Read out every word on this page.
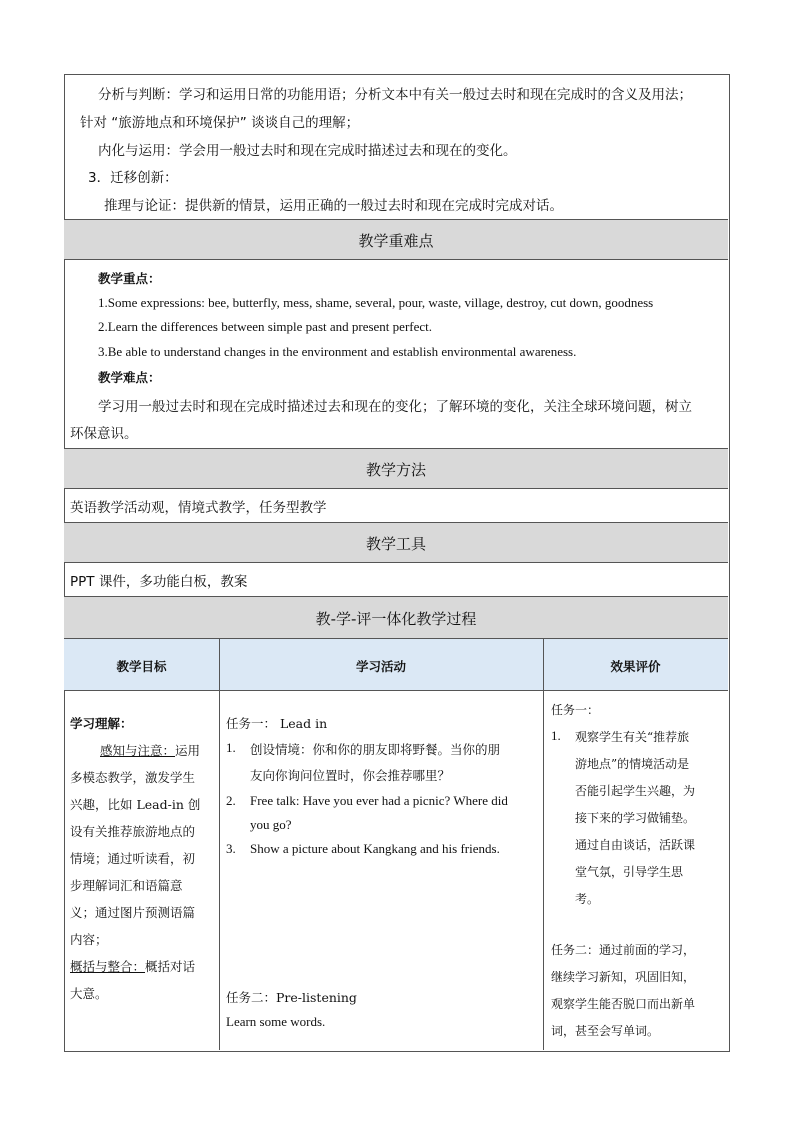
分析与判断：学习和运用日常的功能用语；分析文本中有关一般过去时和现在完成时的含义及用法；
针对 “旅游地点和环境保护” 谈谈自己的理解；
内化与运用：学会用一般过去时和现在完成时描述过去和现在的变化。
3．迁移创新：
推理与论证：提供新的情景，运用正确的一般过去时和现在完成时完成对话。
教学重难点
教学重点：
1.Some expressions: bee, butterfly, mess, shame, several, pour, waste, village, destroy, cut down, goodness
2.Learn the differences between simple past and present perfect.
3.Be able to understand changes in the environment and establish environmental awareness.
教学难点：
学习用一般过去时和现在完成时描述过去和现在的变化；了解环境的变化，关注全球环境问题，树立
环保意识。
教学方法
英语教学活动观，情境式教学，任务型教学
教学工具
PPT 课件，多功能白板，教案
教-学-评一体化教学过程
教学目标	学习活动	效果评价
学习理解：
感知与注意：运用
多模态教学，激发学生
兴趣，比如 Lead-in 创
设有关推荐旅游地点的
情境；通过听读看，初
步理解词汇和语篇意
义；通过图片预测语篇
内容；
概括与整合：概括对话
大意。
任务一： Lead in
1. 创设情境：你和你的朋友即将野餐。当你的朋
友向你询问位置时，你会推荐哪里？
2. Free talk: Have you ever had a picnic? Where did
you go?
3. Show a picture about Kangkang and his friends.
任务二：Pre-listening
Learn some words.
任务一：
1. 观察学生有关“推荐旅
游地点”的情境活动是
否能引起学生兴趣，为
接下来的学习做铺垫。
通过自由谈话，活跃课
堂气氛，引导学生思
考。
任务二：通过前面的学习，
继续学习新知，巩固旧知，
观察学生能否脱口而出新单
词，甚至会写单词。
